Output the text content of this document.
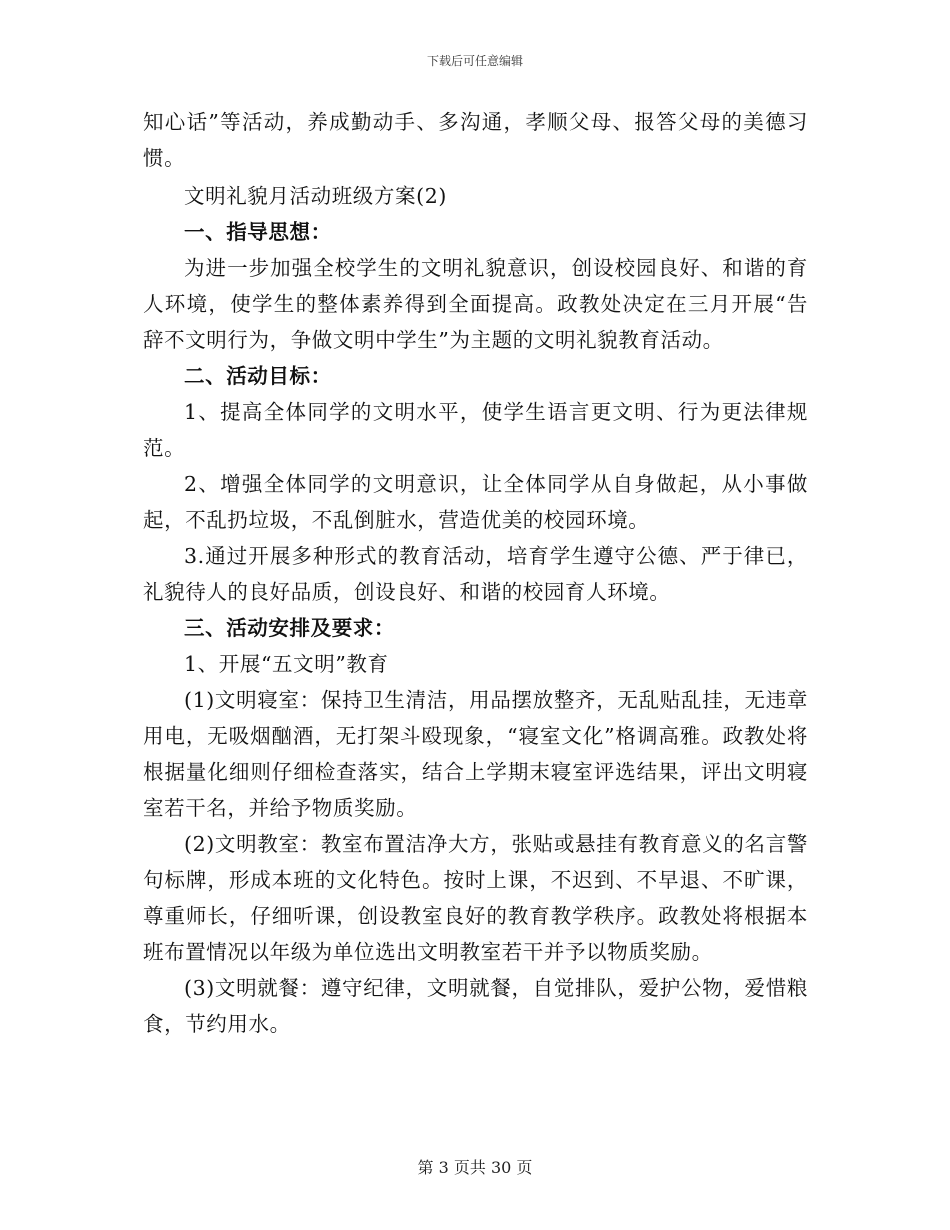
下载后可任意编辑

知心话”等活动，养成勤动手、多沟通，孝顺父母、报答父母的美德习惯。

文明礼貌月活动班级方案(2)

一、指导思想：

为进一步加强全校学生的文明礼貌意识，创设校园良好、和谐的育人环境，使学生的整体素养得到全面提高。政教处决定在三月开展“告辞不文明行为，争做文明中学生”为主题的文明礼貌教育活动。

二、活动目标：

1、提高全体同学的文明水平，使学生语言更文明、行为更法律规范。

2、增强全体同学的文明意识，让全体同学从自身做起，从小事做起，不乱扔垃圾，不乱倒脏水，营造优美的校园环境。

3.通过开展多种形式的教育活动，培育学生遵守公德、严于律已，礼貌待人的良好品质，创设良好、和谐的校园育人环境。

三、活动安排及要求：

1、开展“五文明”教育

(1)文明寝室：保持卫生清洁，用品摆放整齐，无乱贴乱挂，无违章用电，无吸烟酗酒，无打架斗殴现象，“寝室文化”格调高雅。政教处将根据量化细则仔细检查落实，结合上学期末寝室评选结果，评出文明寝室若干名，并给予物质奖励。

(2)文明教室：教室布置洁净大方，张贴或悬挂有教育意义的名言警句标牌，形成本班的文化特色。按时上课，不迟到、不早退、不旷课，尊重师长，仔细听课，创设教室良好的教育教学秩序。政教处将根据本班布置情况以年级为单位选出文明教室若干并予以物质奖励。

(3)文明就餐：遵守纪律，文明就餐，自觉排队，爱护公物，爱惜粮食，节约用水。

第 3 页共 30 页
